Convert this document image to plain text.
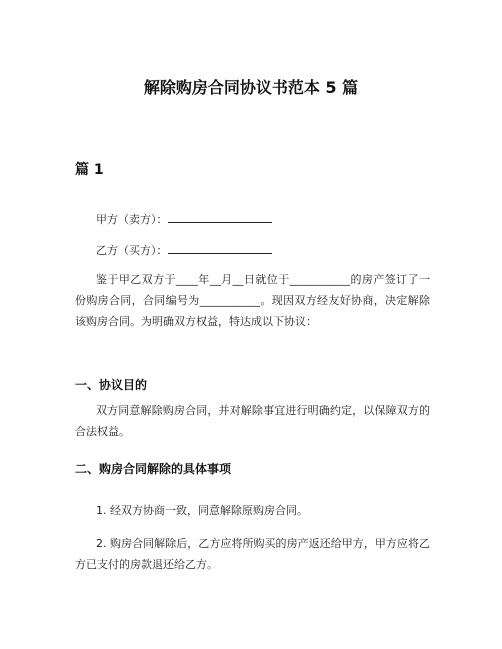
解除购房合同协议书范本 5 篇
篇 1
甲方（卖方）：
乙方（买方）：
鉴于甲乙双方于____年__月__日就位于___________的房产签订了一份购房合同，合同编号为___________。现因双方经友好协商，决定解除该购房合同。为明确双方权益，特达成以下协议：
一、协议目的
双方同意解除购房合同，并对解除事宜进行明确约定，以保障双方的合法权益。
二、购房合同解除的具体事项
1. 经双方协商一致，同意解除原购房合同。
2. 购房合同解除后，乙方应将所购买的房产返还给甲方，甲方应将乙方已支付的房款退还给乙方。
